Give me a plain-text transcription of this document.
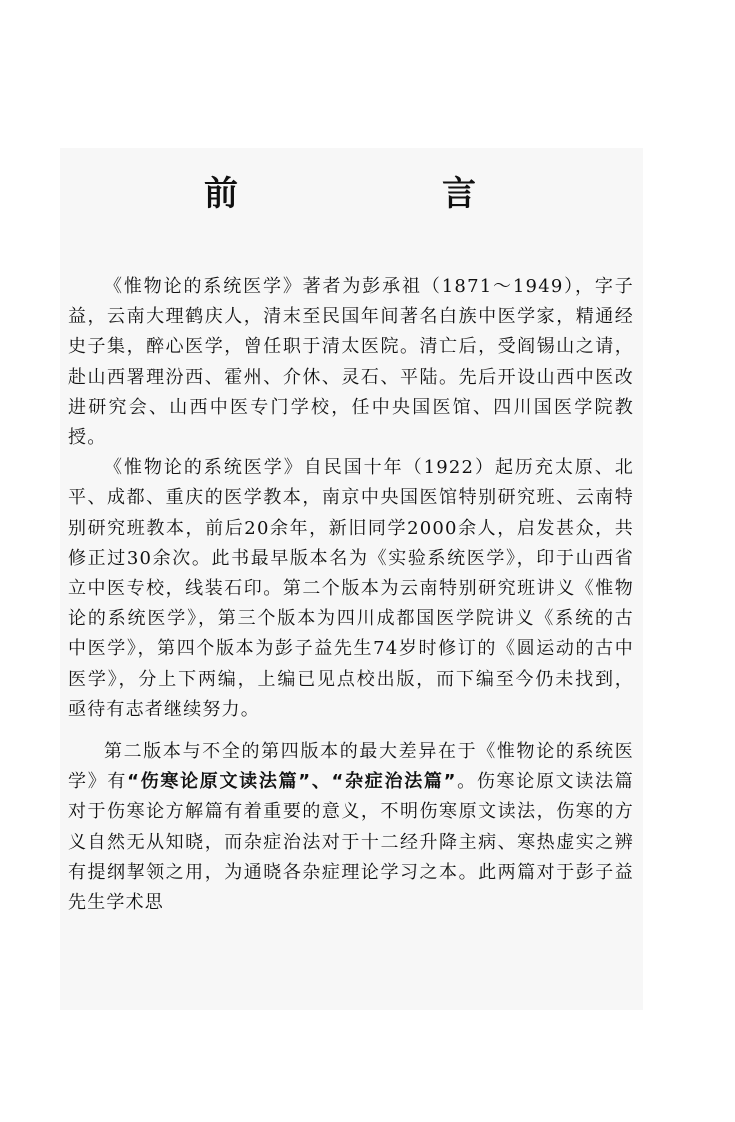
前　言

《惟物论的系统医学》著者为彭承祖（1871～1949），字子益，云南大理鹤庆人，清末至民国年间著名白族中医学家，精通经史子集，醉心医学，曾任职于清太医院。清亡后，受阎锡山之请，赴山西署理汾西、霍州、介休、灵石、平陆。先后开设山西中医改进研究会、山西中医专门学校，任中央国医馆、四川国医学院教授。

《惟物论的系统医学》自民国十年（1922）起历充太原、北平、成都、重庆的医学教本，南京中央国医馆特别研究班、云南特别研究班教本，前后20余年，新旧同学2000余人，启发甚众，共修正过30余次。此书最早版本名为《实验系统医学》，印于山西省立中医专校，线装石印。第二个版本为云南特别研究班讲义《惟物论的系统医学》，第三个版本为四川成都国医学院讲义《系统的古中医学》，第四个版本为彭子益先生74岁时修订的《圆运动的古中医学》，分上下两编，上编已见点校出版，而下编至今仍未找到，亟待有志者继续努力。

第二版本与不全的第四版本的最大差异在于《惟物论的系统医学》有“伤寒论原文读法篇”、“杂症治法篇”。伤寒论原文读法篇对于伤寒论方解篇有着重要的意义，不明伤寒原文读法，伤寒的方义自然无从知晓，而杂症治法对于十二经升降主病、寒热虚实之辨有提纲挈领之用，为通晓各杂症理论学习之本。此两篇对于彭子益先生学术思
